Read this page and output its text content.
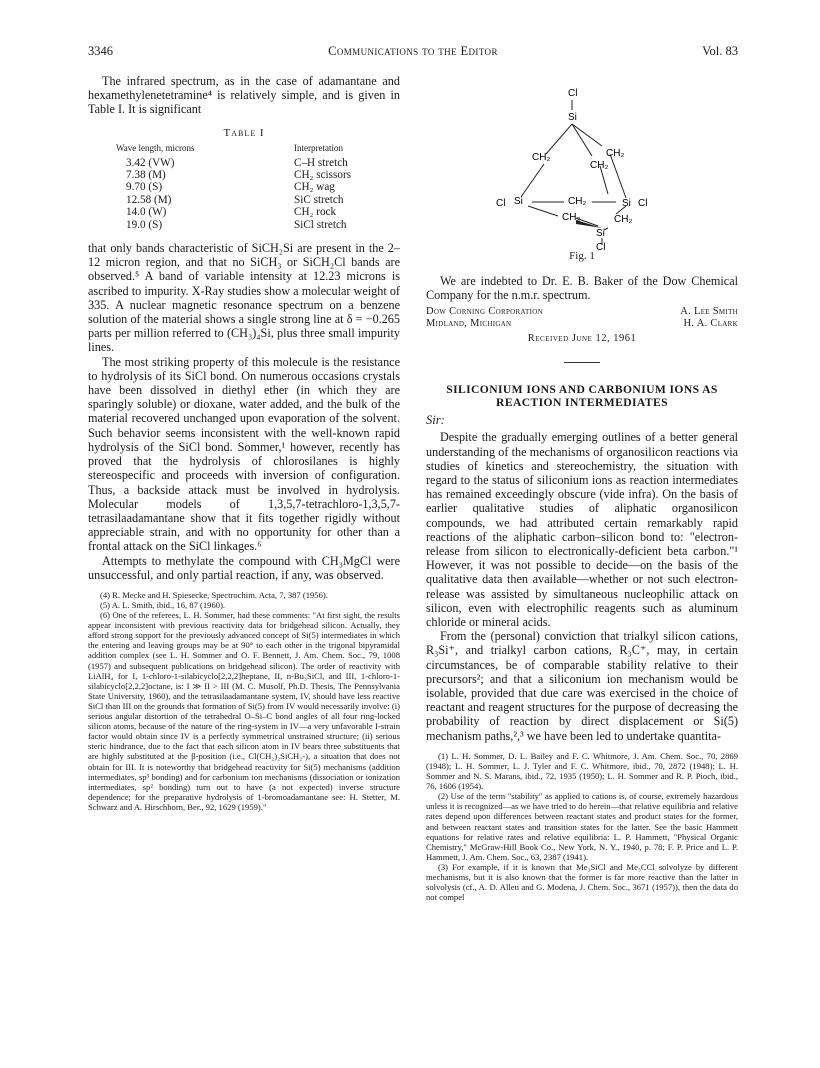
3346	Communications to the Editor	Vol. 83

The infrared spectrum, as in the case of adamantane and hexamethylenetetramine⁴ is relatively simple, and is given in Table I. It is significant

Table I
Wave length, microns	Interpretation
3.42 (VW)	C–H stretch
7.38 (M)	CH₂ scissors
9.70 (S)	CH₂ wag
12.58 (M)	SiC stretch
14.0 (W)	CH₂ rock
19.0 (S)	SiCl stretch

that only bands characteristic of SiCH₂Si are present in the 2–12 micron region, and that no SiCH₃ or SiCH₂Cl bands are observed.⁵ A band of variable intensity at 12.23 microns is ascribed to impurity. X-Ray studies show a molecular weight of 335. A nuclear magnetic resonance spectrum on a benzene solution of the material shows a single strong line at δ = −0.265 parts per million referred to (CH₃)₄Si, plus three small impurity lines.

The most striking property of this molecule is the resistance to hydrolysis of its SiCl bond. On numerous occasions crystals have been dissolved in diethyl ether (in which they are sparingly soluble) or dioxane, water added, and the bulk of the material recovered unchanged upon evaporation of the solvent. Such behavior seems inconsistent with the well-known rapid hydrolysis of the SiCl bond. Sommer,¹ however, recently has proved that the hydrolysis of chlorosilanes is highly stereospecific and proceeds with inversion of configuration. Thus, a backside attack must be involved in hydrolysis. Molecular models of 1,3,5,7-tetrachloro-1,3,5,7-tetrasilaadamantane show that it fits together rigidly without appreciable strain, and with no opportunity for other than a frontal attack on the SiCl linkages.⁶

Attempts to methylate the compound with CH₃MgCl were unsuccessful, and only partial reaction, if any, was observed.

(4) R. Mecke and H. Spiesecke, Spectrochim. Acta, 7, 387 (1956).

(5) A. L. Smith, ibid., 16, 87 (1960).

(6) One of the referees, L. H. Sommer, had these comments: "At first sight, the results appear inconsistent with previous reactivity data for bridgehead silicon. Actually, they afford strong support for the previously advanced concept of Si(5) intermediates in which the entering and leaving groups may be at 90° to each other in the trigonal bipyramidal addition complex (see L. H. Sommer and O. F. Bennett, J. Am. Chem. Soc., 79, 1008 (1957) and subsequent publications on bridgehead silicon). The order of reactivity with LiAlH₄ for I, 1-chloro-1-silabicyclo[2,2,2]heptane, II, n-Bu₃SiCl, and III, 1-chloro-1-silabicyclo[2,2,2]octane, is: I ≫ II > III (M. C. Musolf, Ph.D. Thesis, The Pennsylvania State University, 1960), and the tetrasilaadamantane system, IV, should have less reactive SiCl than III on the grounds that formation of Si(5) from IV would necessarily involve: (i) serious angular distortion of the tetrahedral O–Si–C bond angles of all four ring-locked silicon atoms, because of the nature of the ring-system in IV—a very unfavorable I-strain factor would obtain since IV is a perfectly symmetrical unstrained structure; (ii) serious steric hindrance, due to the fact that each silicon atom in IV bears three substituents that are highly substituted at the β-position (i.e., Cl(CH₂)₂SiCH₂-), a situation that does not obtain for III. It is noteworthy that bridgehead reactivity for Si(5) mechanisms (addition intermediates, sp³ bonding) and for carbonium ion mechanisms (dissociation or ionization intermediates, sp² bonding) turn out to have (a not expected) inverse structure dependence; for the preparative hydrolysis of 1-bromoadamantane see: H. Stetter, M. Schwarz and A. Hirschhorn, Ber., 92, 1629 (1959)."

Cl
Si
CH₂	CH₂
CH₂
Cl Si	CH₂
CH₂	CH₂
Si Cl
Si
Cl
Fig. 1

We are indebted to Dr. E. B. Baker of the Dow Chemical Company for the n.m.r. spectrum.

Dow Corning Corporation
Midland, Michigan
A. Lee Smith
H. A. Clark
Received June 12, 1961
SILICONIUM IONS AND CARBONIUM IONS AS REACTION INTERMEDIATES
Sir:

Despite the gradually emerging outlines of a better general understanding of the mechanisms of organosilicon reactions via studies of kinetics and stereochemistry, the situation with regard to the status of siliconium ions as reaction intermediates has remained exceedingly obscure (vide infra). On the basis of earlier qualitative studies of aliphatic organosilicon compounds, we had attributed certain remarkably rapid reactions of the aliphatic carbon–silicon bond to: "electron-release from silicon to electronically-deficient beta carbon."¹ However, it was not possible to decide—on the basis of the qualitative data then available—whether or not such electron-release was assisted by simultaneous nucleophilic attack on silicon, even with electrophilic reagents such as aluminum chloride or mineral acids.

From the (personal) conviction that trialkyl silicon cations, R₃Si⁺, and trialkyl carbon cations, R₃C⁺, may, in certain circumstances, be of comparable stability relative to their precursors²; and that a siliconium ion mechanism would be isolable, provided that due care was exercised in the choice of reactant and reagent structures for the purpose of decreasing the probability of reaction by direct displacement or Si(5) mechanism paths,²,³ we have been led to undertake quantita-

(1) L. H. Sommer, D. L. Bailey and F. C. Whitmore, J. Am. Chem. Soc., 70, 2869 (1948); L. H. Sommer, L. J. Tyler and F. C. Whitmore, ibid., 70, 2872 (1948); L. H. Sommer and N. S. Marans, ibid., 72, 1935 (1950); L. H. Sommer and R. P. Pioch, ibid., 76, 1606 (1954).

(2) Use of the term "stability" as applied to cations is, of course, extremely hazardous unless it is recognized—as we have tried to do herein—that relative equilibria and relative rates depend upon differences between reactant states and product states for the former, and between reactant states and transition states for the latter. See the basic Hammett equations for relative rates and relative equilibria: L. P. Hammett, "Physical Organic Chemistry," McGraw-Hill Book Co., New York, N. Y., 1940, p. 78; F. P. Price and L. P. Hammett, J. Am. Chem. Soc., 63, 2387 (1941).

(3) For example, if it is known that Me₃SiCl and Me₃CCl solvolyze by different mechanisms, but it is also known that the former is far more reactive than the latter in solvolysis (cf., A. D. Allen and G. Modena, J. Chem. Soc., 3671 (1957)), then the data do not compel
